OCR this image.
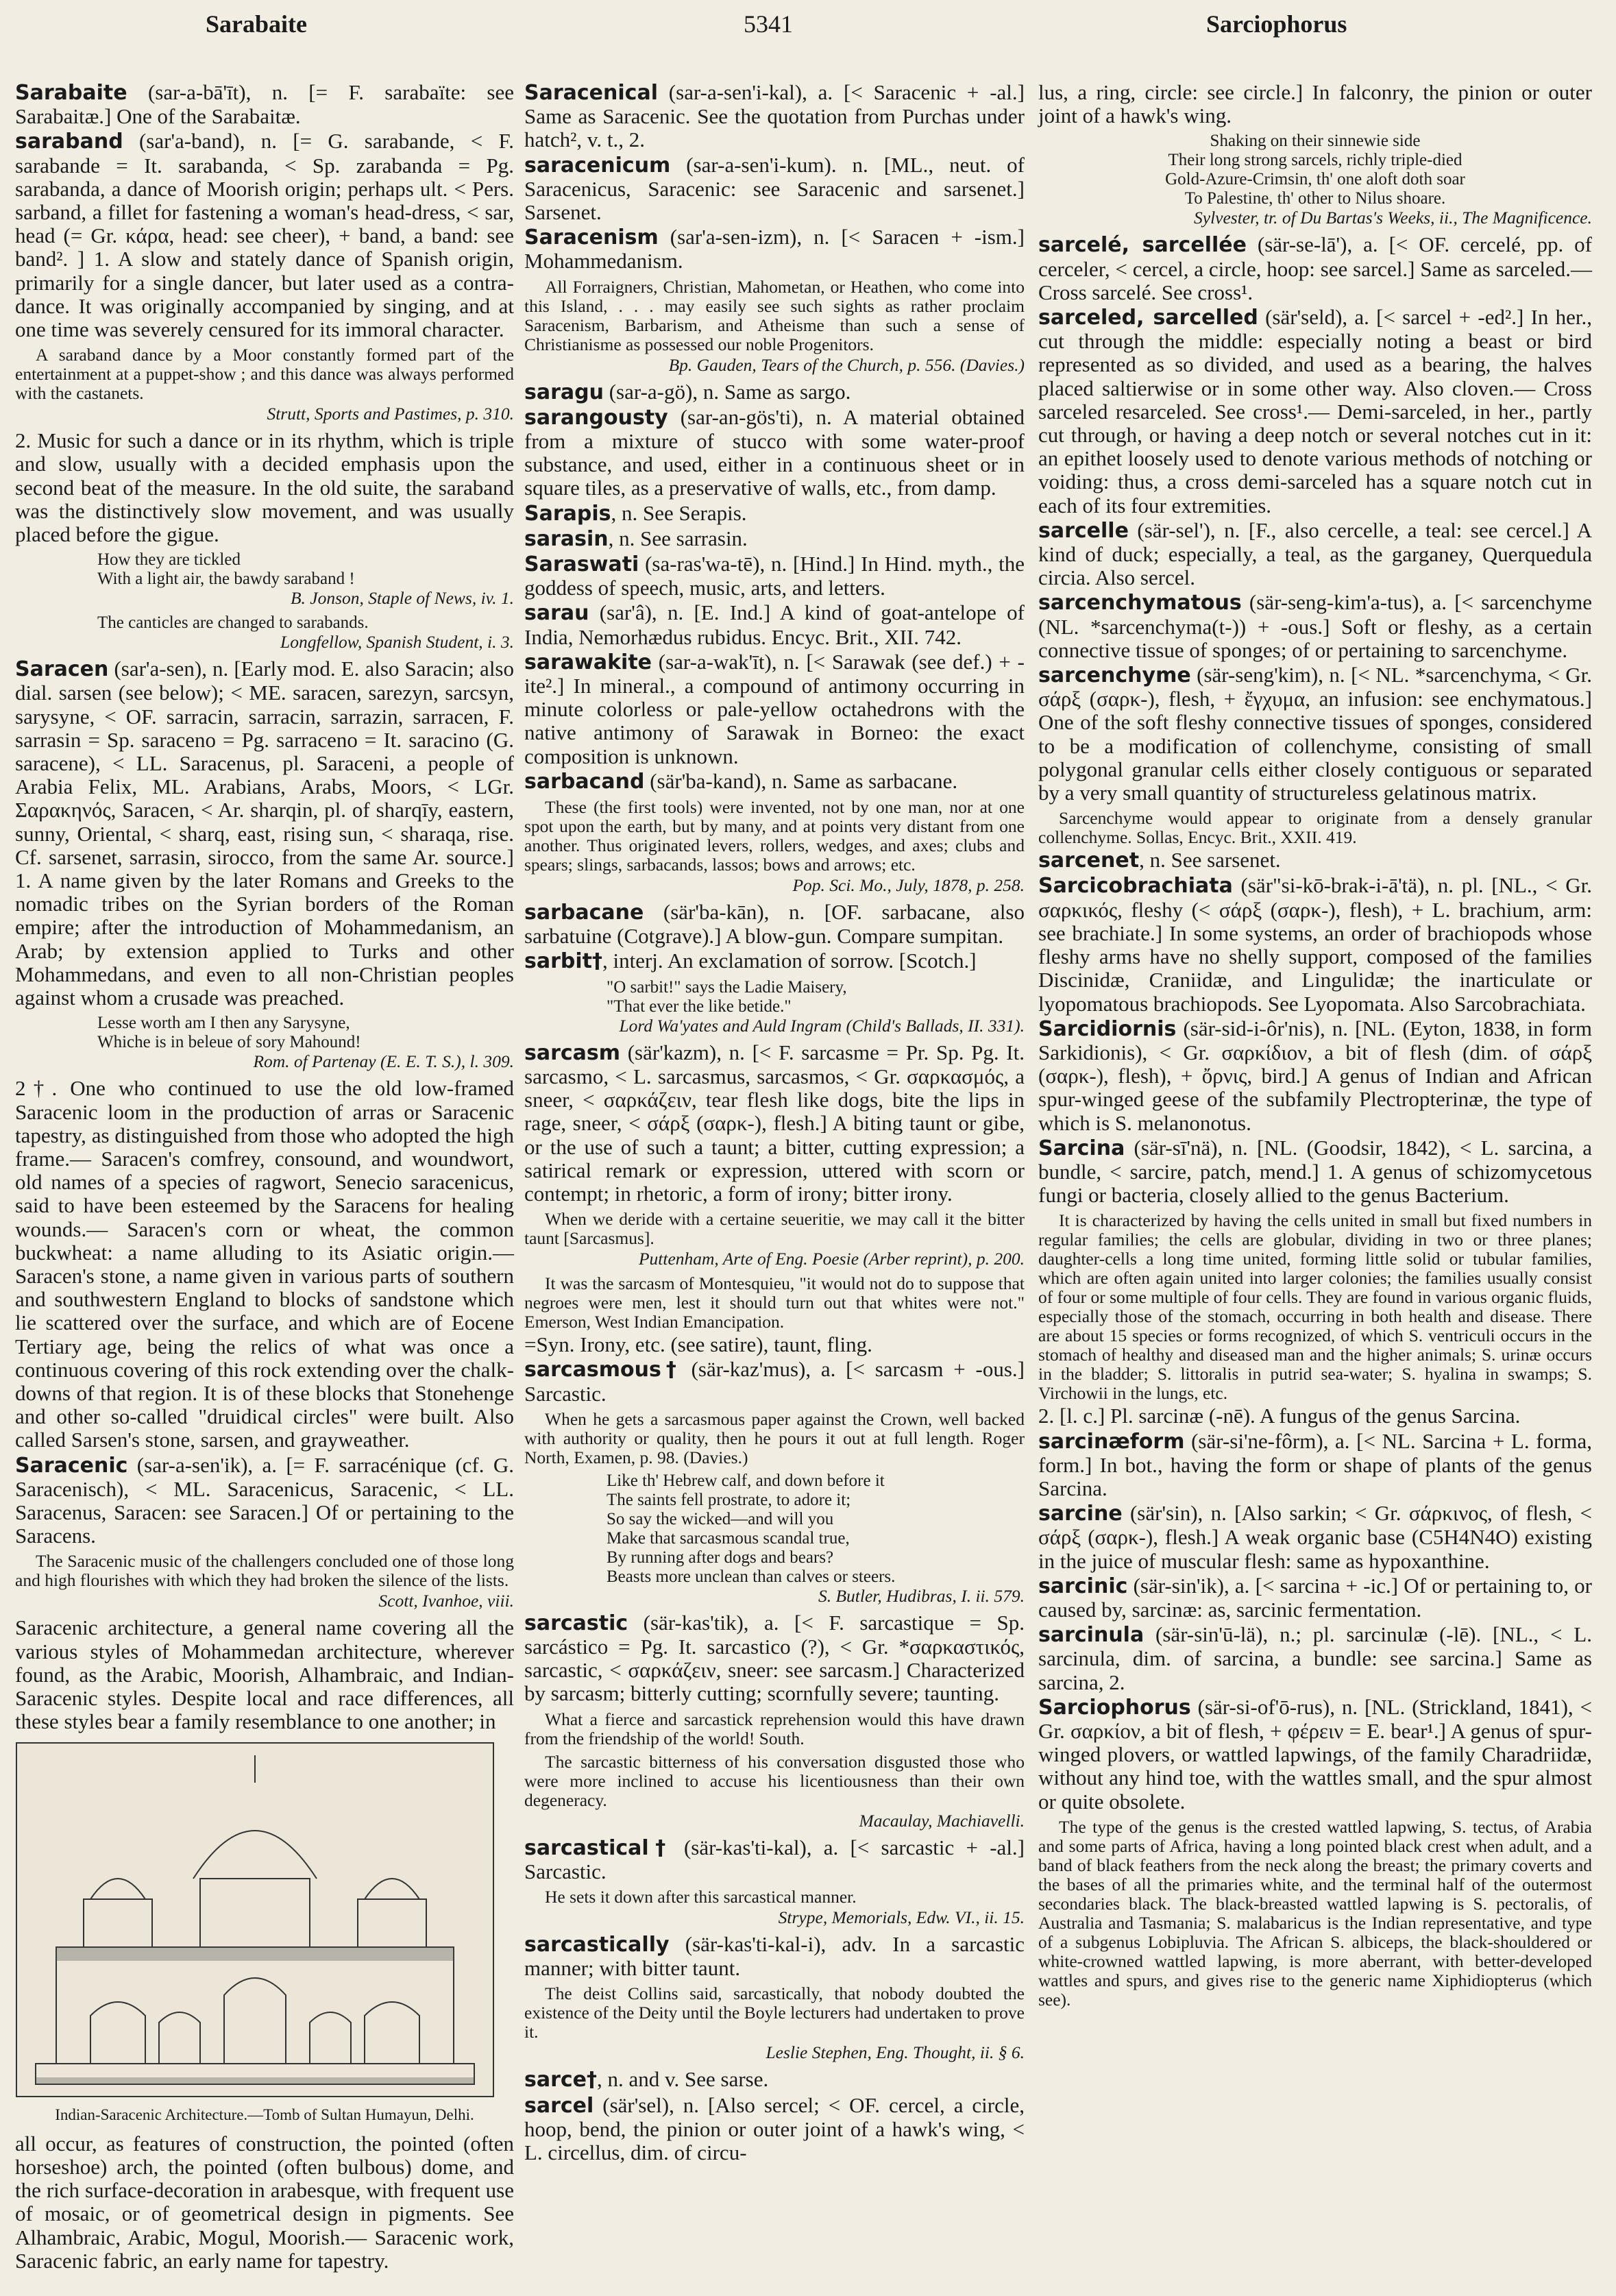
Sarabaite	5341	Sarciophorus
Sarabaite (sar-a-bā'īt), n. [= F. sarabaïte: see Sarabaitæ.] One of the Sarabaitæ.
saraband (sar'a-band), n. [= G. sarabande, < F. sarabande = It. sarabanda, < Sp. zarabanda = Pg. sarabanda, a dance of Moorish origin; perhaps ult. < Pers. sarband, a fillet for fastening a woman's head-dress, < sar, head (= Gr. κάρα, head: see cheer), + band, a band: see band². ] 1. A slow and stately dance of Spanish origin, primarily for a single dancer, but later used as a contra-dance. It was originally accompanied by singing, and at one time was severely censured for its immoral character.
A saraband dance by a Moor constantly formed part of the entertainment at a puppet-show ; and this dance was always performed with the castanets.
Strutt, Sports and Pastimes, p. 310.
2. Music for such a dance or in its rhythm, which is triple and slow, usually with a decided emphasis upon the second beat of the measure. In the old suite, the saraband was the distinctively slow movement, and was usually placed before the gigue.
How they are tickled
With a light air, the bawdy saraband !
B. Jonson, Staple of News, iv. 1.
The canticles are changed to sarabands.
Longfellow, Spanish Student, i. 3.
Saracen (sar'a-sen), n. [Early mod. E. also Saracin; also dial. sarsen (see below); < ME. saracen, sarezyn, sarcsyn, sarysyne, < OF. sarracin, sarracin, sarrazin, sarracen, F. sarrasin = Sp. saraceno = Pg. sarraceno = It. saracino (G. saracene), < LL. Saracenus, pl. Saraceni, a people of Arabia Felix, ML. Arabians, Arabs, Moors, < LGr. Σαρακηνός, Saracen, < Ar. sharqin, pl. of sharqīy, eastern, sunny, Oriental, < sharq, east, rising sun, < sharaqa, rise. Cf. sarsenet, sarrasin, sirocco, from the same Ar. source.] 1. A name given by the later Romans and Greeks to the nomadic tribes on the Syrian borders of the Roman empire; after the introduction of Mohammedanism, an Arab; by extension applied to Turks and other Mohammedans, and even to all non-Christian peoples against whom a crusade was preached.
Lesse worth am I then any Sarysyne,
Whiche is in beleue of sory Mahound!
Rom. of Partenay (E. E. T. S.), l. 309.
2†. One who continued to use the old low-framed Saracenic loom in the production of arras or Saracenic tapestry, as distinguished from those who adopted the high frame.— Saracen's comfrey, consound, and woundwort, old names of a species of ragwort, Senecio saracenicus, said to have been esteemed by the Saracens for healing wounds.— Saracen's corn or wheat, the common buckwheat: a name alluding to its Asiatic origin.— Saracen's stone, a name given in various parts of southern and southwestern England to blocks of sandstone which lie scattered over the surface, and which are of Eocene Tertiary age, being the relics of what was once a continuous covering of this rock extending over the chalk-downs of that region. It is of these blocks that Stonehenge and other so-called "druidical circles" were built. Also called Sarsen's stone, sarsen, and grayweather.
Saracenic (sar-a-sen'ik), a. [= F. sarracénique (cf. G. Saracenisch), < ML. Saracenicus, Saracenic, < LL. Saracenus, Saracen: see Saracen.] Of or pertaining to the Saracens.
The Saracenic music of the challengers concluded one of those long and high flourishes with which they had broken the silence of the lists.
Scott, Ivanhoe, viii.
Saracenic architecture, a general name covering all the various styles of Mohammedan architecture, wherever found, as the Arabic, Moorish, Alhambraic, and Indian-Saracenic styles. Despite local and race differences, all these styles bear a family resemblance to one another; in
Indian-Saracenic Architecture.—Tomb of Sultan Humayun, Delhi.
all occur, as features of construction, the pointed (often horseshoe) arch, the pointed (often bulbous) dome, and the rich surface-decoration in arabesque, with frequent use of mosaic, or of geometrical design in pigments. See Alhambraic, Arabic, Mogul, Moorish.— Saracenic work, Saracenic fabric, an early name for tapestry.
Saracenical (sar-a-sen'i-kal), a. [< Saracenic + -al.] Same as Saracenic. See the quotation from Purchas under hatch², v. t., 2.
saracenicum (sar-a-sen'i-kum). n. [ML., neut. of Saracenicus, Saracenic: see Saracenic and sarsenet.] Sarsenet.
Saracenism (sar'a-sen-izm), n. [< Saracen + -ism.] Mohammedanism.
All Forraigners, Christian, Mahometan, or Heathen, who come into this Island, . . . may easily see such sights as rather proclaim Saracenism, Barbarism, and Atheisme than such a sense of Christianisme as possessed our noble Progenitors.
Bp. Gauden, Tears of the Church, p. 556. (Davies.)
saragu (sar-a-gö), n. Same as sargo.
sarangousty (sar-an-gös'ti), n. A material obtained from a mixture of stucco with some water-proof substance, and used, either in a continuous sheet or in square tiles, as a preservative of walls, etc., from damp.
Sarapis, n. See Serapis.
sarasin, n. See sarrasin.
Saraswati (sa-ras'wa-tē), n. [Hind.] In Hind. myth., the goddess of speech, music, arts, and letters.
sarau (sar'â), n. [E. Ind.] A kind of goat-antelope of India, Nemorhædus rubidus. Encyc. Brit., XII. 742.
sarawakite (sar-a-wak'īt), n. [< Sarawak (see def.) + -ite².] In mineral., a compound of antimony occurring in minute colorless or pale-yellow octahedrons with the native antimony of Sarawak in Borneo: the exact composition is unknown.
sarbacand (sär'ba-kand), n. Same as sarbacane.
These (the first tools) were invented, not by one man, nor at one spot upon the earth, but by many, and at points very distant from one another. Thus originated levers, rollers, wedges, and axes; clubs and spears; slings, sarbacands, lassos; bows and arrows; etc.
Pop. Sci. Mo., July, 1878, p. 258.
sarbacane (sär'ba-kān), n. [OF. sarbacane, also sarbatuine (Cotgrave).] A blow-gun. Compare sumpitan.
sarbit†, interj. An exclamation of sorrow. [Scotch.]
"O sarbit!" says the Ladie Maisery,
"That ever the like betide."
Lord Wa'yates and Auld Ingram (Child's Ballads, II. 331).
sarcasm (sär'kazm), n. [< F. sarcasme = Pr. Sp. Pg. It. sarcasmo, < L. sarcasmus, sarcasmos, < Gr. σαρκασμός, a sneer, < σαρκάζειν, tear flesh like dogs, bite the lips in rage, sneer, < σάρξ (σαρκ-), flesh.] A biting taunt or gibe, or the use of such a taunt; a bitter, cutting expression; a satirical remark or expression, uttered with scorn or contempt; in rhetoric, a form of irony; bitter irony.
When we deride with a certaine seueritie, we may call it the bitter taunt [Sarcasmus].
Puttenham, Arte of Eng. Poesie (Arber reprint), p. 200.
It was the sarcasm of Montesquieu, "it would not do to suppose that negroes were men, lest it should turn out that whites were not." Emerson, West Indian Emancipation.
=Syn. Irony, etc. (see satire), taunt, fling.
sarcasmous† (sär-kaz'mus), a. [< sarcasm + -ous.] Sarcastic.
When he gets a sarcasmous paper against the Crown, well backed with authority or quality, then he pours it out at full length. Roger North, Examen, p. 98. (Davies.)
Like th' Hebrew calf, and down before it
The saints fell prostrate, to adore it;
So say the wicked—and will you
Make that sarcasmous scandal true,
By running after dogs and bears?
Beasts more unclean than calves or steers.
S. Butler, Hudibras, I. ii. 579.
sarcastic (sär-kas'tik), a. [< F. sarcastique = Sp. sarcástico = Pg. It. sarcastico (?), < Gr. *σαρκαστικός, sarcastic, < σαρκάζειν, sneer: see sarcasm.] Characterized by sarcasm; bitterly cutting; scornfully severe; taunting.
What a fierce and sarcastick reprehension would this have drawn from the friendship of the world! South.
The sarcastic bitterness of his conversation disgusted those who were more inclined to accuse his licentiousness than their own degeneracy.
Macaulay, Machiavelli.
sarcastical† (sär-kas'ti-kal), a. [< sarcastic + -al.] Sarcastic.
He sets it down after this sarcastical manner.
Strype, Memorials, Edw. VI., ii. 15.
sarcastically (sär-kas'ti-kal-i), adv. In a sarcastic manner; with bitter taunt.
The deist Collins said, sarcastically, that nobody doubted the existence of the Deity until the Boyle lecturers had undertaken to prove it.
Leslie Stephen, Eng. Thought, ii. § 6.
sarce†, n. and v. See sarse.
sarcel (sär'sel), n. [Also sercel; < OF. cercel, a circle, hoop, bend, the pinion or outer joint of a hawk's wing, < L. circellus, dim. of circu-
lus, a ring, circle: see circle.] In falconry, the pinion or outer joint of a hawk's wing.
Shaking on their sinnewie side
Their long strong sarcels, richly triple-died
Gold-Azure-Crimsin, th' one aloft doth soar
To Palestine, th' other to Nilus shoare.
Sylvester, tr. of Du Bartas's Weeks, ii., The Magnificence.
sarcelé, sarcellée (sär-se-lā'), a. [< OF. cercelé, pp. of cerceler, < cercel, a circle, hoop: see sarcel.] Same as sarceled.— Cross sarcelé. See cross¹.
sarceled, sarcelled (sär'seld), a. [< sarcel + -ed².] In her., cut through the middle: especially noting a beast or bird represented as so divided, and used as a bearing, the halves placed saltierwise or in some other way. Also cloven.— Cross sarceled resarceled. See cross¹.— Demi-sarceled, in her., partly cut through, or having a deep notch or several notches cut in it: an epithet loosely used to denote various methods of notching or voiding: thus, a cross demi-sarceled has a square notch cut in each of its four extremities.
sarcelle (sär-sel'), n. [F., also cercelle, a teal: see cercel.] A kind of duck; especially, a teal, as the garganey, Querquedula circia. Also sercel.
sarcenchymatous (sär-seng-kim'a-tus), a. [< sarcenchyme (NL. *sarcenchyma(t-)) + -ous.] Soft or fleshy, as a certain connective tissue of sponges; of or pertaining to sarcenchyme.
sarcenchyme (sär-seng'kim), n. [< NL. *sarcenchyma, < Gr. σάρξ (σαρκ-), flesh, + ἔγχυμα, an infusion: see enchymatous.] One of the soft fleshy connective tissues of sponges, considered to be a modification of collenchyme, consisting of small polygonal granular cells either closely contiguous or separated by a very small quantity of structureless gelatinous matrix.
Sarcenchyme would appear to originate from a densely granular collenchyme. Sollas, Encyc. Brit., XXII. 419.
sarcenet, n. See sarsenet.
Sarcicobrachiata (sär"si-kō-brak-i-ā'tä), n. pl. [NL., < Gr. σαρκικός, fleshy (< σάρξ (σαρκ-), flesh), + L. brachium, arm: see brachiate.] In some systems, an order of brachiopods whose fleshy arms have no shelly support, composed of the families Discinidæ, Craniidæ, and Lingulidæ; the inarticulate or lyopomatous brachiopods. See Lyopomata. Also Sarcobrachiata.
Sarcidiornis (sär-sid-i-ôr'nis), n. [NL. (Eyton, 1838, in form Sarkidionis), < Gr. σαρκίδιον, a bit of flesh (dim. of σάρξ (σαρκ-), flesh), + ὄρνις, bird.] A genus of Indian and African spur-winged geese of the subfamily Plectropterinæ, the type of which is S. melanonotus.
Sarcina (sär-sī'nä), n. [NL. (Goodsir, 1842), < L. sarcina, a bundle, < sarcire, patch, mend.] 1. A genus of schizomycetous fungi or bacteria, closely allied to the genus Bacterium.
It is characterized by having the cells united in small but fixed numbers in regular families; the cells are globular, dividing in two or three planes; daughter-cells a long time united, forming little solid or tubular families, which are often again united into larger colonies; the families usually consist of four or some multiple of four cells. They are found in various organic fluids, especially those of the stomach, occurring in both health and disease. There are about 15 species or forms recognized, of which S. ventriculi occurs in the stomach of healthy and diseased man and the higher animals; S. urinæ occurs in the bladder; S. littoralis in putrid sea-water; S. hyalina in swamps; S. Virchowii in the lungs, etc.
2. [l. c.] Pl. sarcinæ (-nē). A fungus of the genus Sarcina.
sarcinæform (sär-si'ne-fôrm), a. [< NL. Sarcina + L. forma, form.] In bot., having the form or shape of plants of the genus Sarcina.
sarcine (sär'sin), n. [Also sarkin; < Gr. σάρκινος, of flesh, < σάρξ (σαρκ-), flesh.] A weak organic base (C5H4N4O) existing in the juice of muscular flesh: same as hypoxanthine.
sarcinic (sär-sin'ik), a. [< sarcina + -ic.] Of or pertaining to, or caused by, sarcinæ: as, sarcinic fermentation.
sarcinula (sär-sin'ū-lä), n.; pl. sarcinulæ (-lē). [NL., < L. sarcinula, dim. of sarcina, a bundle: see sarcina.] Same as sarcina, 2.
Sarciophorus (sär-si-of'ō-rus), n. [NL. (Strickland, 1841), < Gr. σαρκίον, a bit of flesh, + φέρειν = E. bear¹.] A genus of spur-winged plovers, or wattled lapwings, of the family Charadriidæ, without any hind toe, with the wattles small, and the spur almost or quite obsolete.
The type of the genus is the crested wattled lapwing, S. tectus, of Arabia and some parts of Africa, having a long pointed black crest when adult, and a band of black feathers from the neck along the breast; the primary coverts and the bases of all the primaries white, and the terminal half of the outermost secondaries black. The black-breasted wattled lapwing is S. pectoralis, of Australia and Tasmania; S. malabaricus is the Indian representative, and type of a subgenus Lobipluvia. The African S. albiceps, the black-shouldered or white-crowned wattled lapwing, is more aberrant, with better-developed wattles and spurs, and gives rise to the generic name Xiphidiopterus (which see).
